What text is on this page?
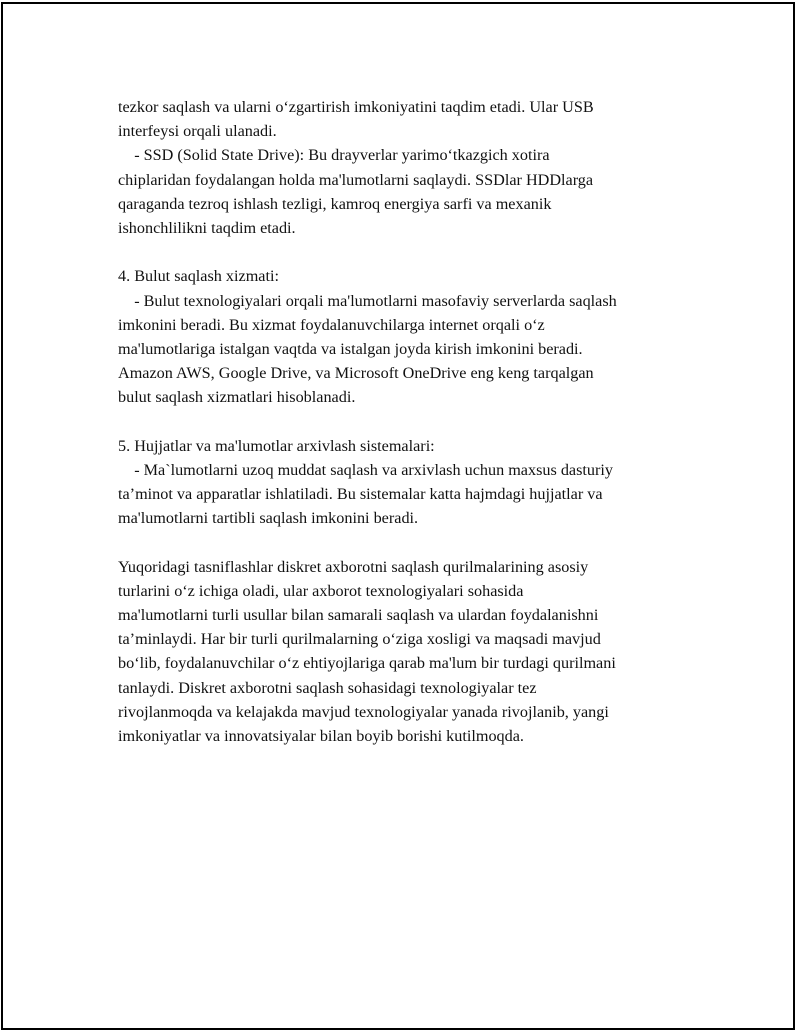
tezkor saqlash va ularni o‘zgartirish imkoniyatini taqdim etadi. Ular USB
interfeysi orqali ulanadi.
- SSD (Solid State Drive): Bu drayverlar yarimo‘tkazgich xotira
chiplaridan foydalangan holda ma'lumotlarni saqlaydi. SSDlar HDDlarga
qaraganda tezroq ishlash tezligi, kamroq energiya sarfi va mexanik
ishonchlilikni taqdim etadi.
4. Bulut saqlash xizmati:
- Bulut texnologiyalari orqali ma'lumotlarni masofaviy serverlarda saqlash
imkonini beradi. Bu xizmat foydalanuvchilarga internet orqali o‘z
ma'lumotlariga istalgan vaqtda va istalgan joyda kirish imkonini beradi.
Amazon AWS, Google Drive, va Microsoft OneDrive eng keng tarqalgan
bulut saqlash xizmatlari hisoblanadi.
5. Hujjatlar va ma'lumotlar arxivlash sistemalari:
- Ma`lumotlarni uzoq muddat saqlash va arxivlash uchun maxsus dasturiy
ta’minot va apparatlar ishlatiladi. Bu sistemalar katta hajmdagi hujjatlar va
ma'lumotlarni tartibli saqlash imkonini beradi.
Yuqoridagi tasniflashlar diskret axborotni saqlash qurilmalarining asosiy
turlarini o‘z ichiga oladi, ular axborot texnologiyalari sohasida
ma'lumotlarni turli usullar bilan samarali saqlash va ulardan foydalanishni
ta’minlaydi. Har bir turli qurilmalarning o‘ziga xosligi va maqsadi mavjud
bo‘lib, foydalanuvchilar o‘z ehtiyojlariga qarab ma'lum bir turdagi qurilmani
tanlaydi. Diskret axborotni saqlash sohasidagi texnologiyalar tez
rivojlanmoqda va kelajakda mavjud texnologiyalar yanada rivojlanib, yangi
imkoniyatlar va innovatsiyalar bilan boyib borishi kutilmoqda.
